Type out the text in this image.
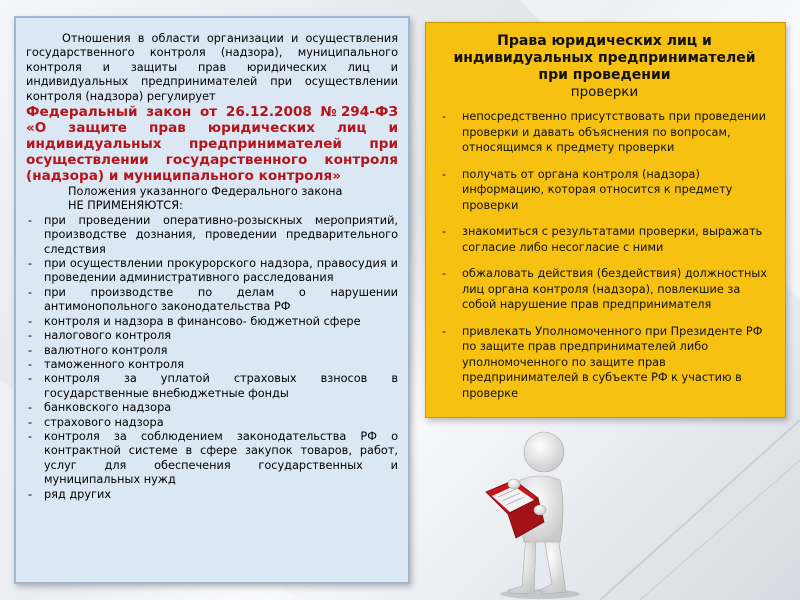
Отношения в области организации и осуществления государственного контроля (надзора), муниципального контроля и защиты прав юридических лиц и индивидуальных предпринимателей при осуществлении контроля (надзора) регулирует
Федеральный закон от 26.12.2008 №294-ФЗ «О защите прав юридических лиц и индивидуальных предпринимателей при осуществлении государственного контроля (надзора) и муниципального контроля»
Положения указанного Федерального закона
НЕ ПРИМЕНЯЮТСЯ:
- при проведении оперативно-розыскных мероприятий, производстве дознания, проведении предварительного следствия
- при осуществлении прокурорского надзора, правосудия и проведении административного расследования
- при производстве по делам о нарушении антимонопольного законодательства РФ
- контроля и надзора в финансово- бюджетной сфере
- налогового контроля
- валютного контроля
- таможенного контроля
- контроля за уплатой страховых взносов в государственные внебюджетные фонды
- банковского надзора
- страхового надзора
- контроля за соблюдением законодательства РФ о контрактной системе в сфере закупок товаров, работ, услуг для обеспечения государственных и муниципальных нужд
- ряд других
Права юридических лиц и индивидуальных предпринимателей при проведении
проверки
- непосредственно присутствовать при проведении проверки и давать объяснения по вопросам, относящимся к предмету проверки
- получать от органа контроля (надзора) информацию, которая относится к предмету проверки
- знакомиться с результатами проверки, выражать согласие либо несогласие с ними
- обжаловать действия (бездействия) должностных лиц органа контроля (надзора), повлекшие за собой нарушение прав предпринимателя
- привлекать Уполномоченного при Президенте РФ по защите прав предпринимателей либо уполномоченного по защите прав предпринимателей в субъекте РФ к участию в проверке
